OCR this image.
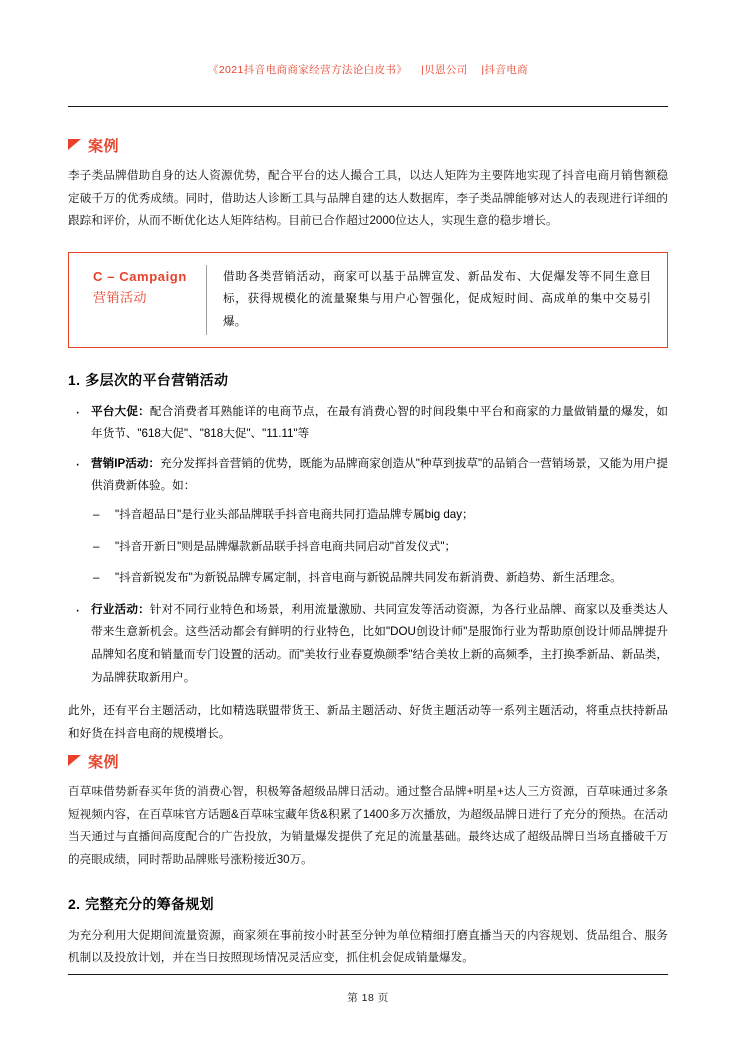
《2021抖音电商商家经营方法论白皮书》 |贝恩公司 |抖音电商
案例

李子类品牌借助自身的达人资源优势，配合平台的达人撮合工具，以达人矩阵为主要阵地实现了抖音电商月销售额稳定破千万的优秀成绩。同时，借助达人诊断工具与品牌自建的达人数据库，李子类品牌能够对达人的表现进行详细的跟踪和评价，从而不断优化达人矩阵结构。目前已合作超过2000位达人，实现生意的稳步增长。

C – Campaign
营销活动
借助各类营销活动，商家可以基于品牌宣发、新品发布、大促爆发等不同生意目标，获得规模化的流量聚集与用户心智强化，促成短时间、高成单的集中交易引爆。
1. 多层次的平台营销活动
· 平台大促：配合消费者耳熟能详的电商节点，在最有消费心智的时间段集中平台和商家的力量做销量的爆发，如年货节、"618大促"、"818大促"、"11.11"等
· 营销IP活动：充分发挥抖音营销的优势，既能为品牌商家创造从"种草到拔草"的品销合一营销场景，又能为用户提供消费新体验。如：
– "抖音超品日"是行业头部品牌联手抖音电商共同打造品牌专属big day；
– "抖音开新日"则是品牌爆款新品联手抖音电商共同启动"首发仪式"；
– "抖音新锐发布"为新锐品牌专属定制，抖音电商与新锐品牌共同发布新消费、新趋势、新生活理念。
· 行业活动：针对不同行业特色和场景，利用流量激励、共同宣发等活动资源，为各行业品牌、商家以及垂类达人带来生意新机会。这些活动都会有鲜明的行业特色，比如"DOU创设计师"是服饰行业为帮助原创设计师品牌提升品牌知名度和销量而专门设置的活动。而"美妆行业春夏焕颜季"结合美妆上新的高频季，主打换季新品、新品类，为品牌获取新用户。

此外，还有平台主题活动，比如精选联盟带货王、新品主题活动、好货主题活动等一系列主题活动，将重点扶持新品和好货在抖音电商的规模增长。

案例

百草味借势新春买年货的消费心智，积极筹备超级品牌日活动。通过整合品牌+明星+达人三方资源，百草味通过多条短视频内容，在百草味官方话题&百草味宝藏年货&积累了1400多万次播放，为超级品牌日进行了充分的预热。在活动当天通过与直播间高度配合的广告投放，为销量爆发提供了充足的流量基础。最终达成了超级品牌日当场直播破千万的亮眼成绩，同时帮助品牌账号涨粉接近30万。

2. 完整充分的筹备规划

为充分利用大促期间流量资源，商家须在事前按小时甚至分钟为单位精细打磨直播当天的内容规划、货品组合、服务机制以及投放计划，并在当日按照现场情况灵活应变，抓住机会促成销量爆发。

第 18 页
